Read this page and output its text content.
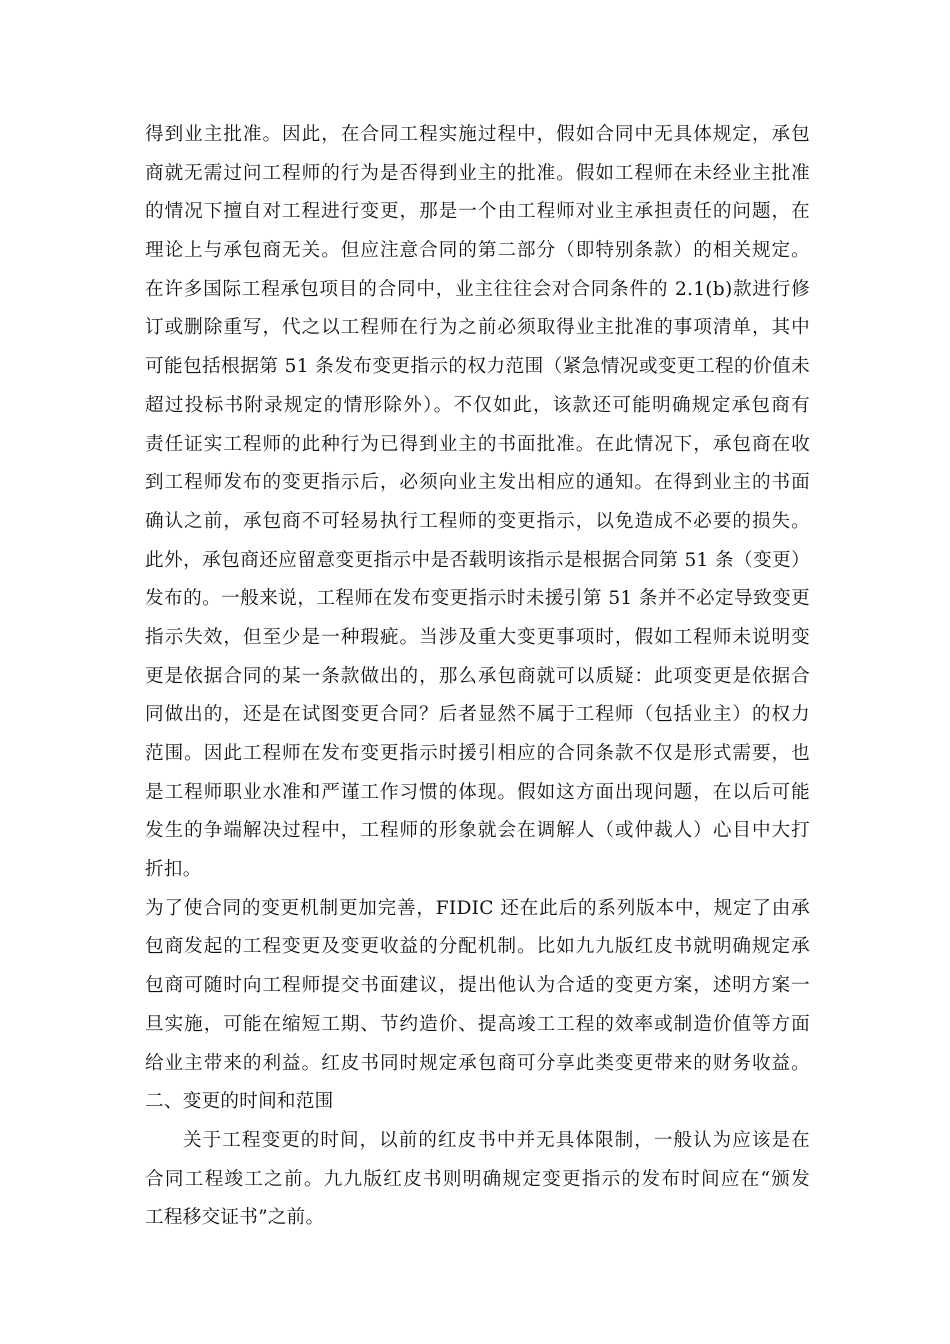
得到业主批准。因此，在合同工程实施过程中，假如合同中无具体规定，承包
商就无需过问工程师的行为是否得到业主的批准。假如工程师在未经业主批准
的情况下擅自对工程进行变更，那是一个由工程师对业主承担责任的问题，在
理论上与承包商无关。但应注意合同的第二部分（即特别条款）的相关规定。
在许多国际工程承包项目的合同中，业主往往会对合同条件的 2.1(b)款进行修
订或删除重写，代之以工程师在行为之前必须取得业主批准的事项清单，其中
可能包括根据第 51 条发布变更指示的权力范围（紧急情况或变更工程的价值未
超过投标书附录规定的情形除外）。不仅如此，该款还可能明确规定承包商有
责任证实工程师的此种行为已得到业主的书面批准。在此情况下，承包商在收
到工程师发布的变更指示后，必须向业主发出相应的通知。在得到业主的书面
确认之前，承包商不可轻易执行工程师的变更指示，以免造成不必要的损失。
此外，承包商还应留意变更指示中是否载明该指示是根据合同第 51 条（变更）
发布的。一般来说，工程师在发布变更指示时未援引第 51 条并不必定导致变更
指示失效，但至少是一种瑕疵。当涉及重大变更事项时，假如工程师未说明变
更是依据合同的某一条款做出的，那么承包商就可以质疑：此项变更是依据合
同做出的，还是在试图变更合同？后者显然不属于工程师（包括业主）的权力
范围。因此工程师在发布变更指示时援引相应的合同条款不仅是形式需要，也
是工程师职业水准和严谨工作习惯的体现。假如这方面出现问题，在以后可能
发生的争端解决过程中，工程师的形象就会在调解人（或仲裁人）心目中大打
折扣。
为了使合同的变更机制更加完善，FIDIC 还在此后的系列版本中，规定了由承
包商发起的工程变更及变更收益的分配机制。比如九九版红皮书就明确规定承
包商可随时向工程师提交书面建议，提出他认为合适的变更方案，述明方案一
旦实施，可能在缩短工期、节约造价、提高竣工工程的效率或制造价值等方面
给业主带来的利益。红皮书同时规定承包商可分享此类变更带来的财务收益。
二、变更的时间和范围
关于工程变更的时间，以前的红皮书中并无具体限制，一般认为应该是在
合同工程竣工之前。九九版红皮书则明确规定变更指示的发布时间应在“颁发
工程移交证书”之前。
